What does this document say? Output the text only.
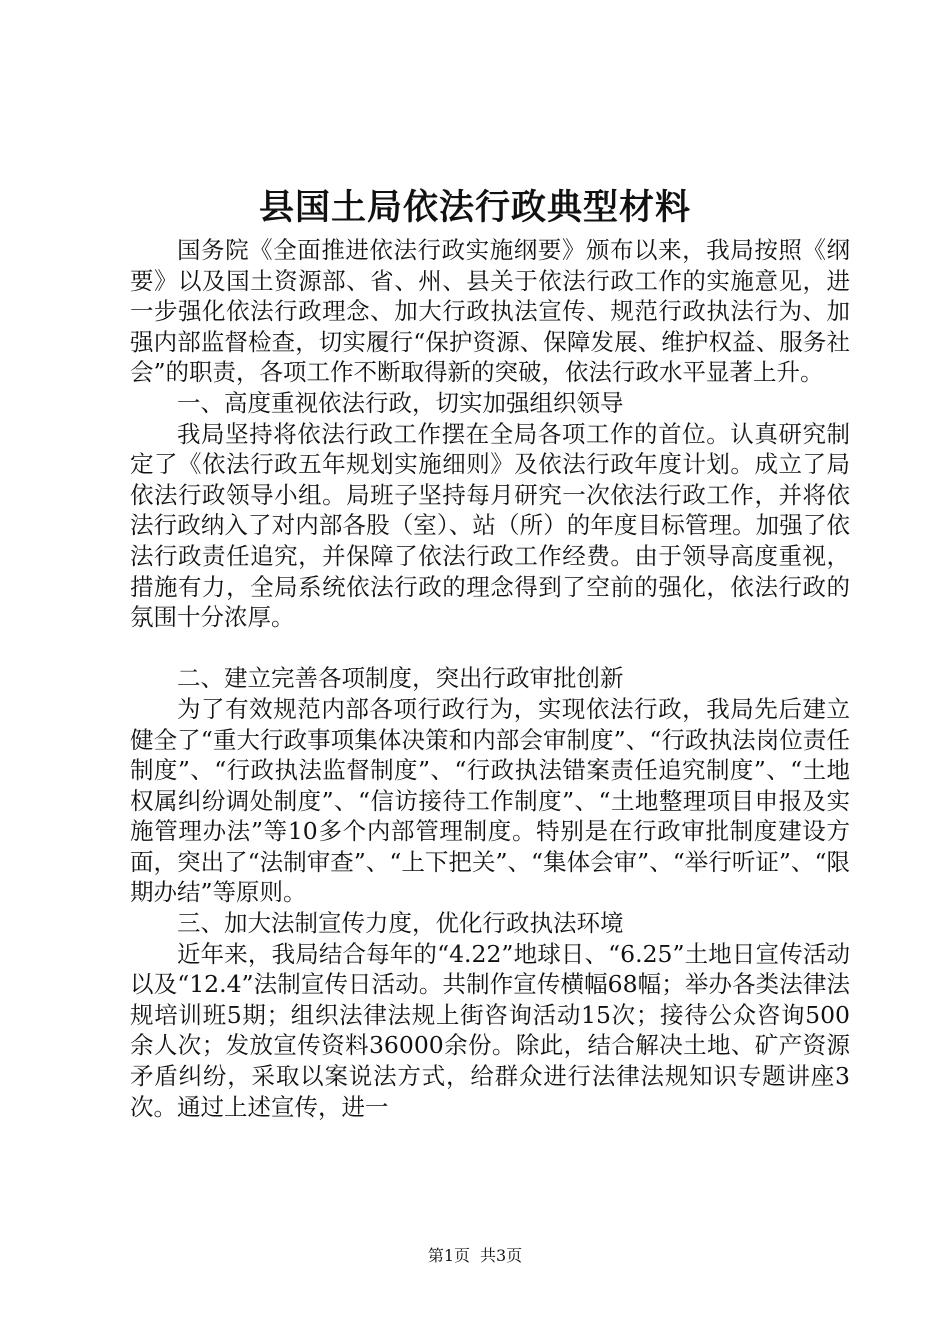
县国土局依法行政典型材料

国务院《全面推进依法行政实施纲要》颁布以来，我局按照《纲要》以及国土资源部、省、州、县关于依法行政工作的实施意见，进一步强化依法行政理念、加大行政执法宣传、规范行政执法行为、加强内部监督检查，切实履行“保护资源、保障发展、维护权益、服务社会”的职责，各项工作不断取得新的突破，依法行政水平显著上升。

一、高度重视依法行政，切实加强组织领导

我局坚持将依法行政工作摆在全局各项工作的首位。认真研究制定了《依法行政五年规划实施细则》及依法行政年度计划。成立了局依法行政领导小组。局班子坚持每月研究一次依法行政工作，并将依法行政纳入了对内部各股（室）、站（所）的年度目标管理。加强了依法行政责任追究，并保障了依法行政工作经费。由于领导高度重视，措施有力，全局系统依法行政的理念得到了空前的强化，依法行政的氛围十分浓厚。

二、建立完善各项制度，突出行政审批创新

为了有效规范内部各项行政行为，实现依法行政，我局先后建立健全了“重大行政事项集体决策和内部会审制度”、“行政执法岗位责任制度”、“行政执法监督制度”、“行政执法错案责任追究制度”、“土地权属纠纷调处制度”、“信访接待工作制度”、“土地整理项目申报及实施管理办法”等10多个内部管理制度。特别是在行政审批制度建设方面，突出了“法制审查”、“上下把关”、“集体会审”、“举行听证”、“限期办结”等原则。

三、加大法制宣传力度，优化行政执法环境

近年来，我局结合每年的“4.22”地球日、“6.25”土地日宣传活动以及“12.4”法制宣传日活动。共制作宣传横幅68幅；举办各类法律法规培训班5期；组织法律法规上街咨询活动15次；接待公众咨询500余人次；发放宣传资料36000余份。除此，结合解决土地、矿产资源矛盾纠纷，采取以案说法方式，给群众进行法律法规知识专题讲座3次。通过上述宣传，进一

第1页 共3页
